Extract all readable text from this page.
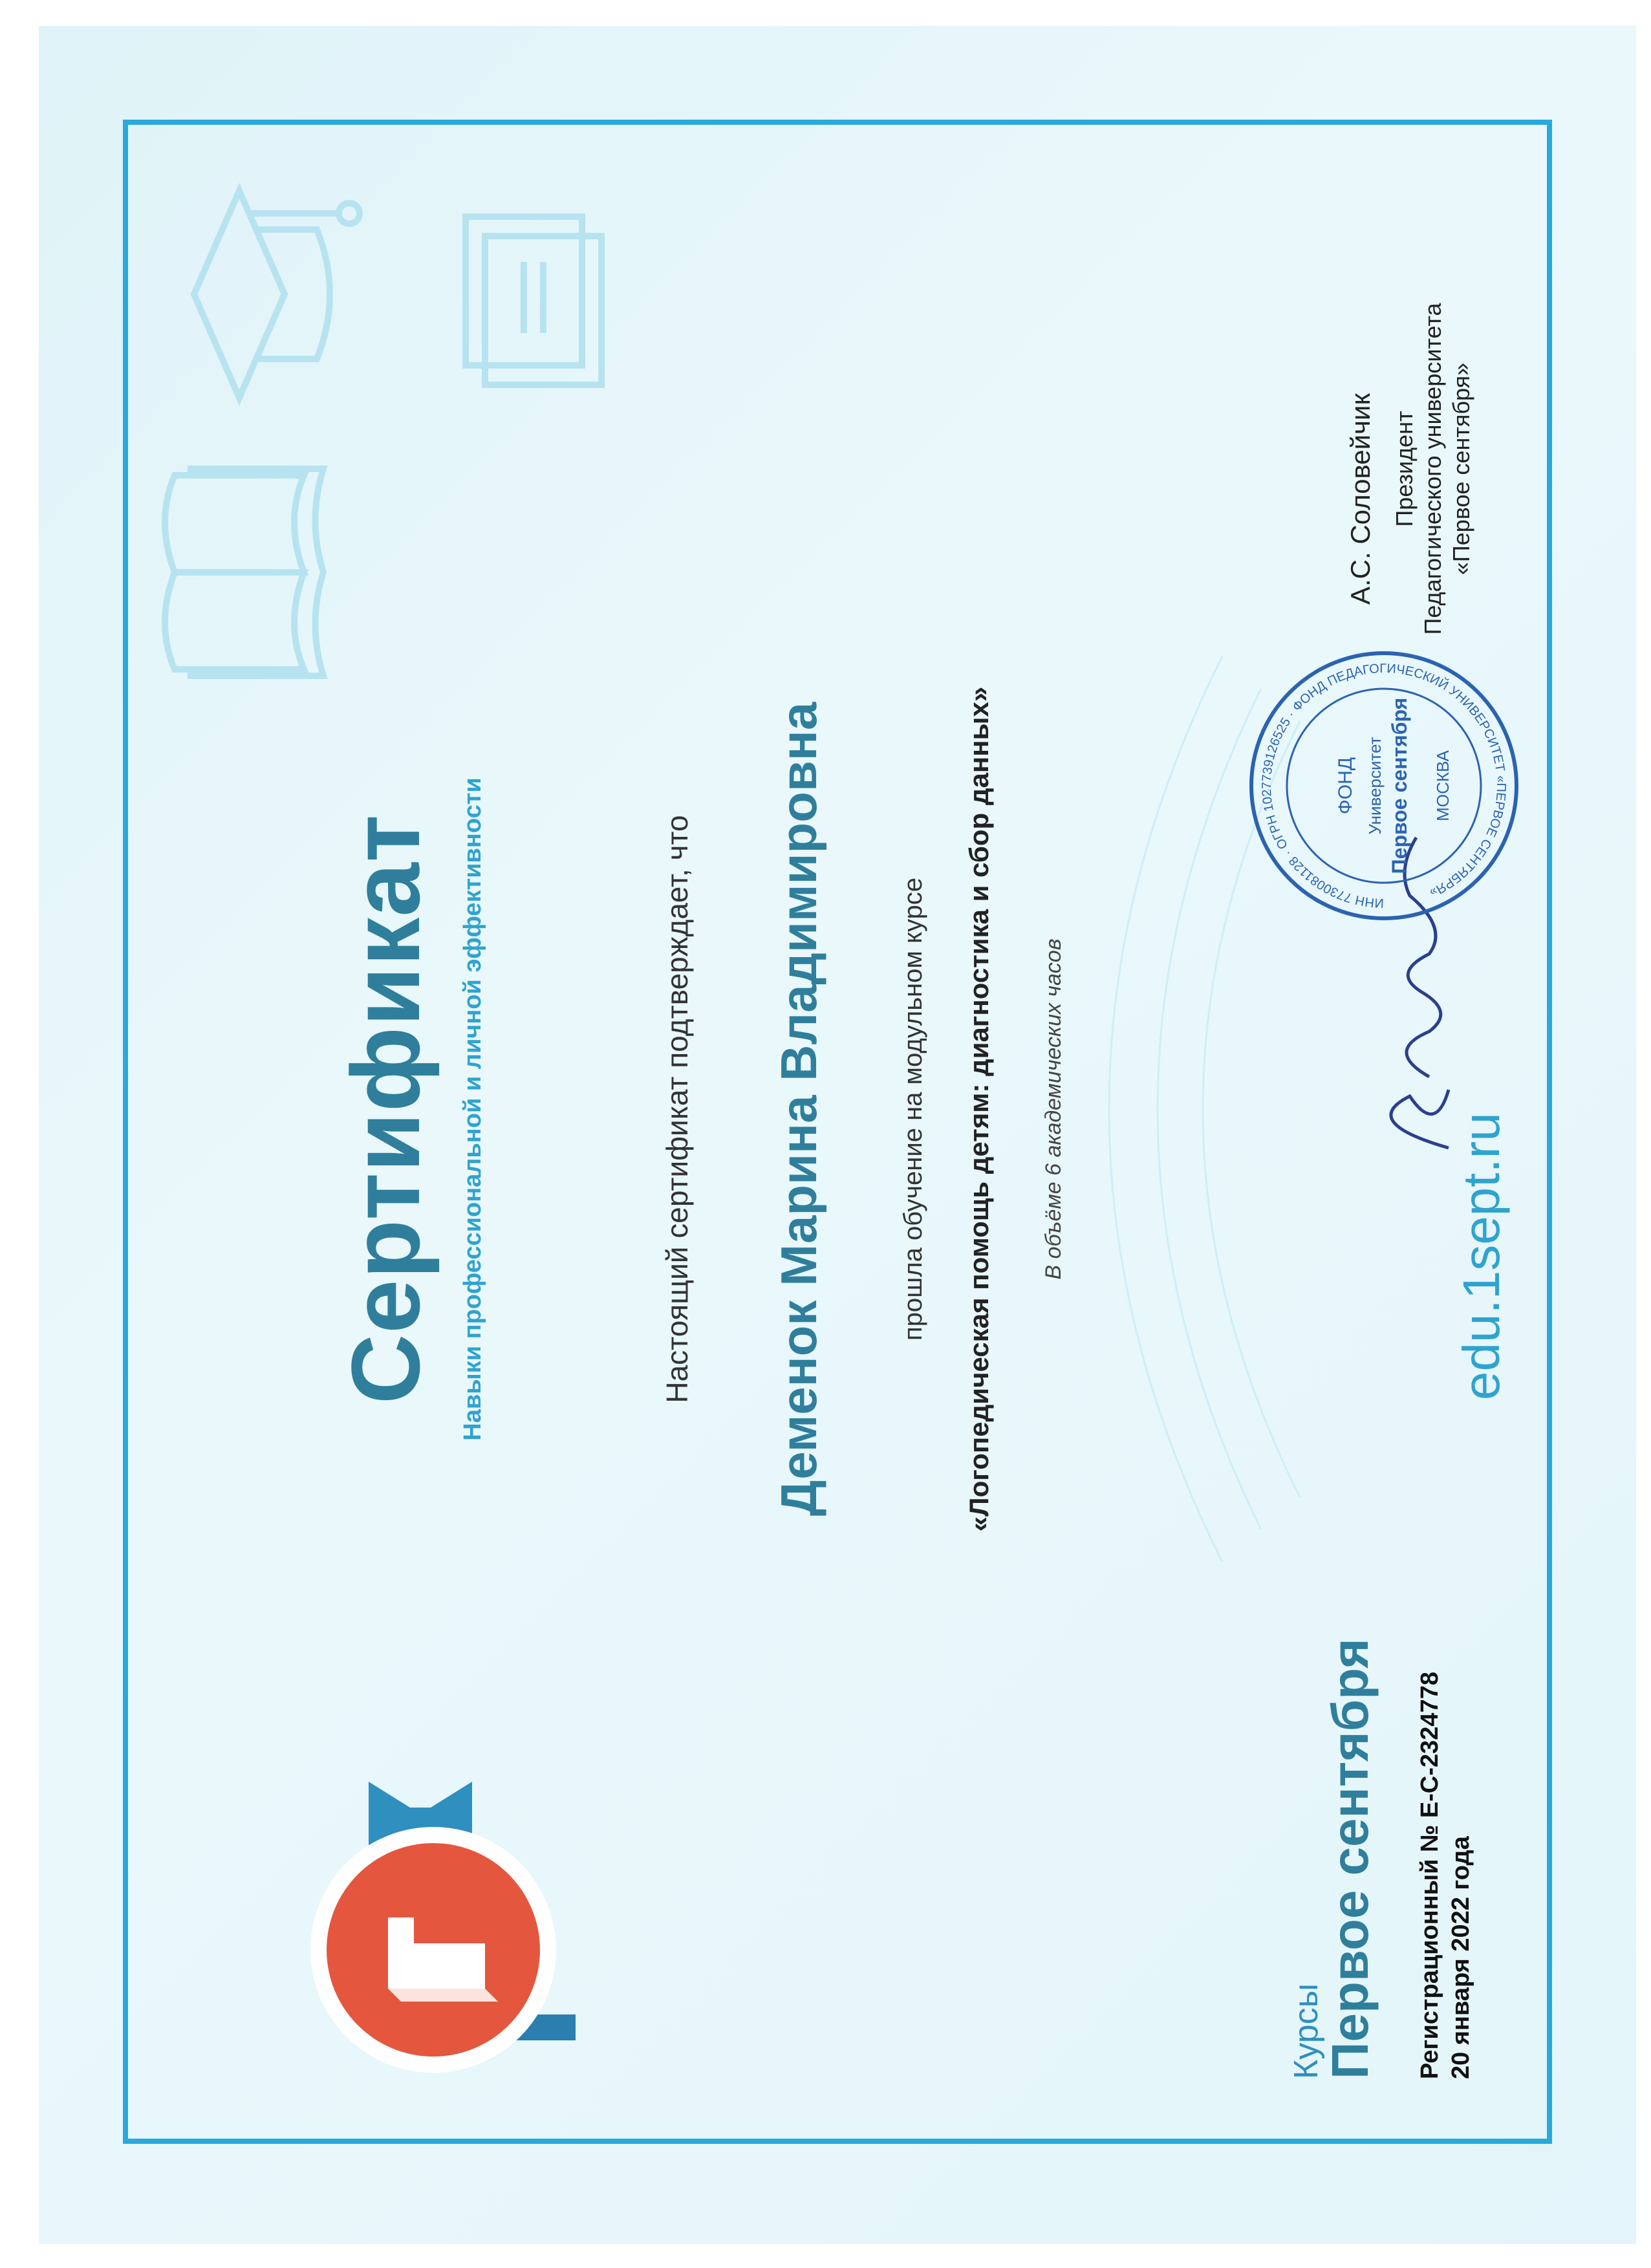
Сертификат Навыки профессиональной и личной эффективности	Настоящий сертификат подтверждает, что Деменок Марина Владимировна	прошла обучение на модульном курсе «Логопедическая помощь детям: диагностика и сбор данных» В объёме 6 академических часов
Курсы
Первое сентября Регистрационный № Е-С-2324778 20 января 2022 года
edu.1sept.ru
ИНН 7730081128 · ОГРН 1027739126525 · ФОНД ПЕДАГОГИЧЕСКИЙ УНИВЕРСИТЕТ «ПЕРВОЕ СЕНТЯБРЯ»
ФОНД Университет Первое сентября МОСКВА
А.С. Соловейчик Президент Педагогического университета «Первое сентября»
